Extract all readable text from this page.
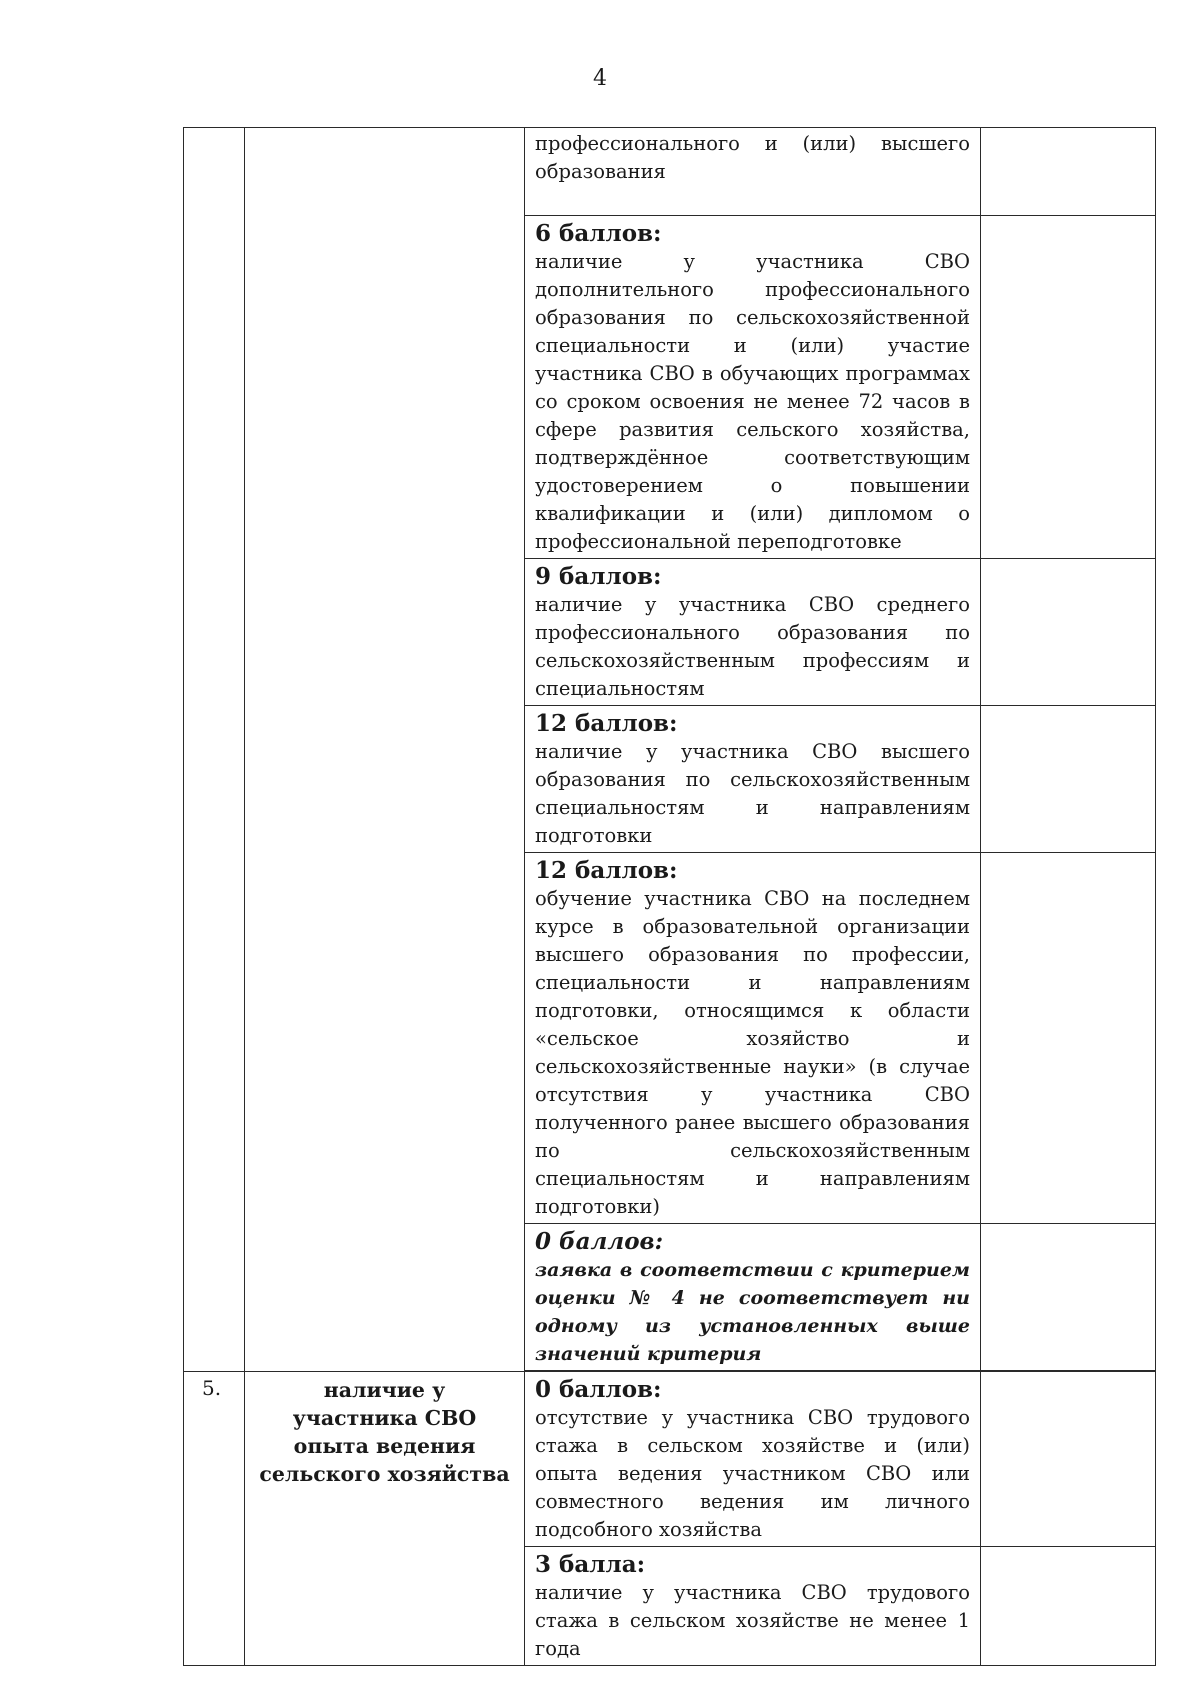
4

		профессионального и (или) высшего образования	

		6 баллов:
наличие у участника СВО дополнительного профессионального образования по сельскохозяйственной специальности и (или) участие участника СВО в обучающих программах со сроком освоения не менее 72 часов в сфере развития сельского хозяйства, подтверждённое соответствующим удостоверением о повышении квалификации и (или) дипломом о профессиональной переподготовке	

		9 баллов:
наличие у участника СВО среднего профессионального образования по сельскохозяйственным профессиям и специальностям	

		12 баллов:
наличие у участника СВО высшего образования по сельскохозяйственным специальностям и направлениям подготовки	

		12 баллов:
обучение участника СВО на последнем курсе в образовательной организации высшего образования по профессии, специальности и направлениям подготовки, относящимся к области «сельское хозяйство и сельскохозяйственные науки» (в случае отсутствия у участника СВО полученного ранее высшего образования по сельскохозяйственным специальностям и направлениям подготовки)	

		0 баллов:
заявка в соответствии с критерием оценки № 4 не соответствует ни одному из установленных выше значений критерия	

5.	наличие у участника СВО опыта ведения сельского хозяйства	0 баллов:
отсутствие у участника СВО трудового стажа в сельском хозяйстве и (или) опыта ведения участником СВО или совместного ведения им личного подсобного хозяйства	

		3 балла:
наличие у участника СВО трудового стажа в сельском хозяйстве не менее 1 года	
